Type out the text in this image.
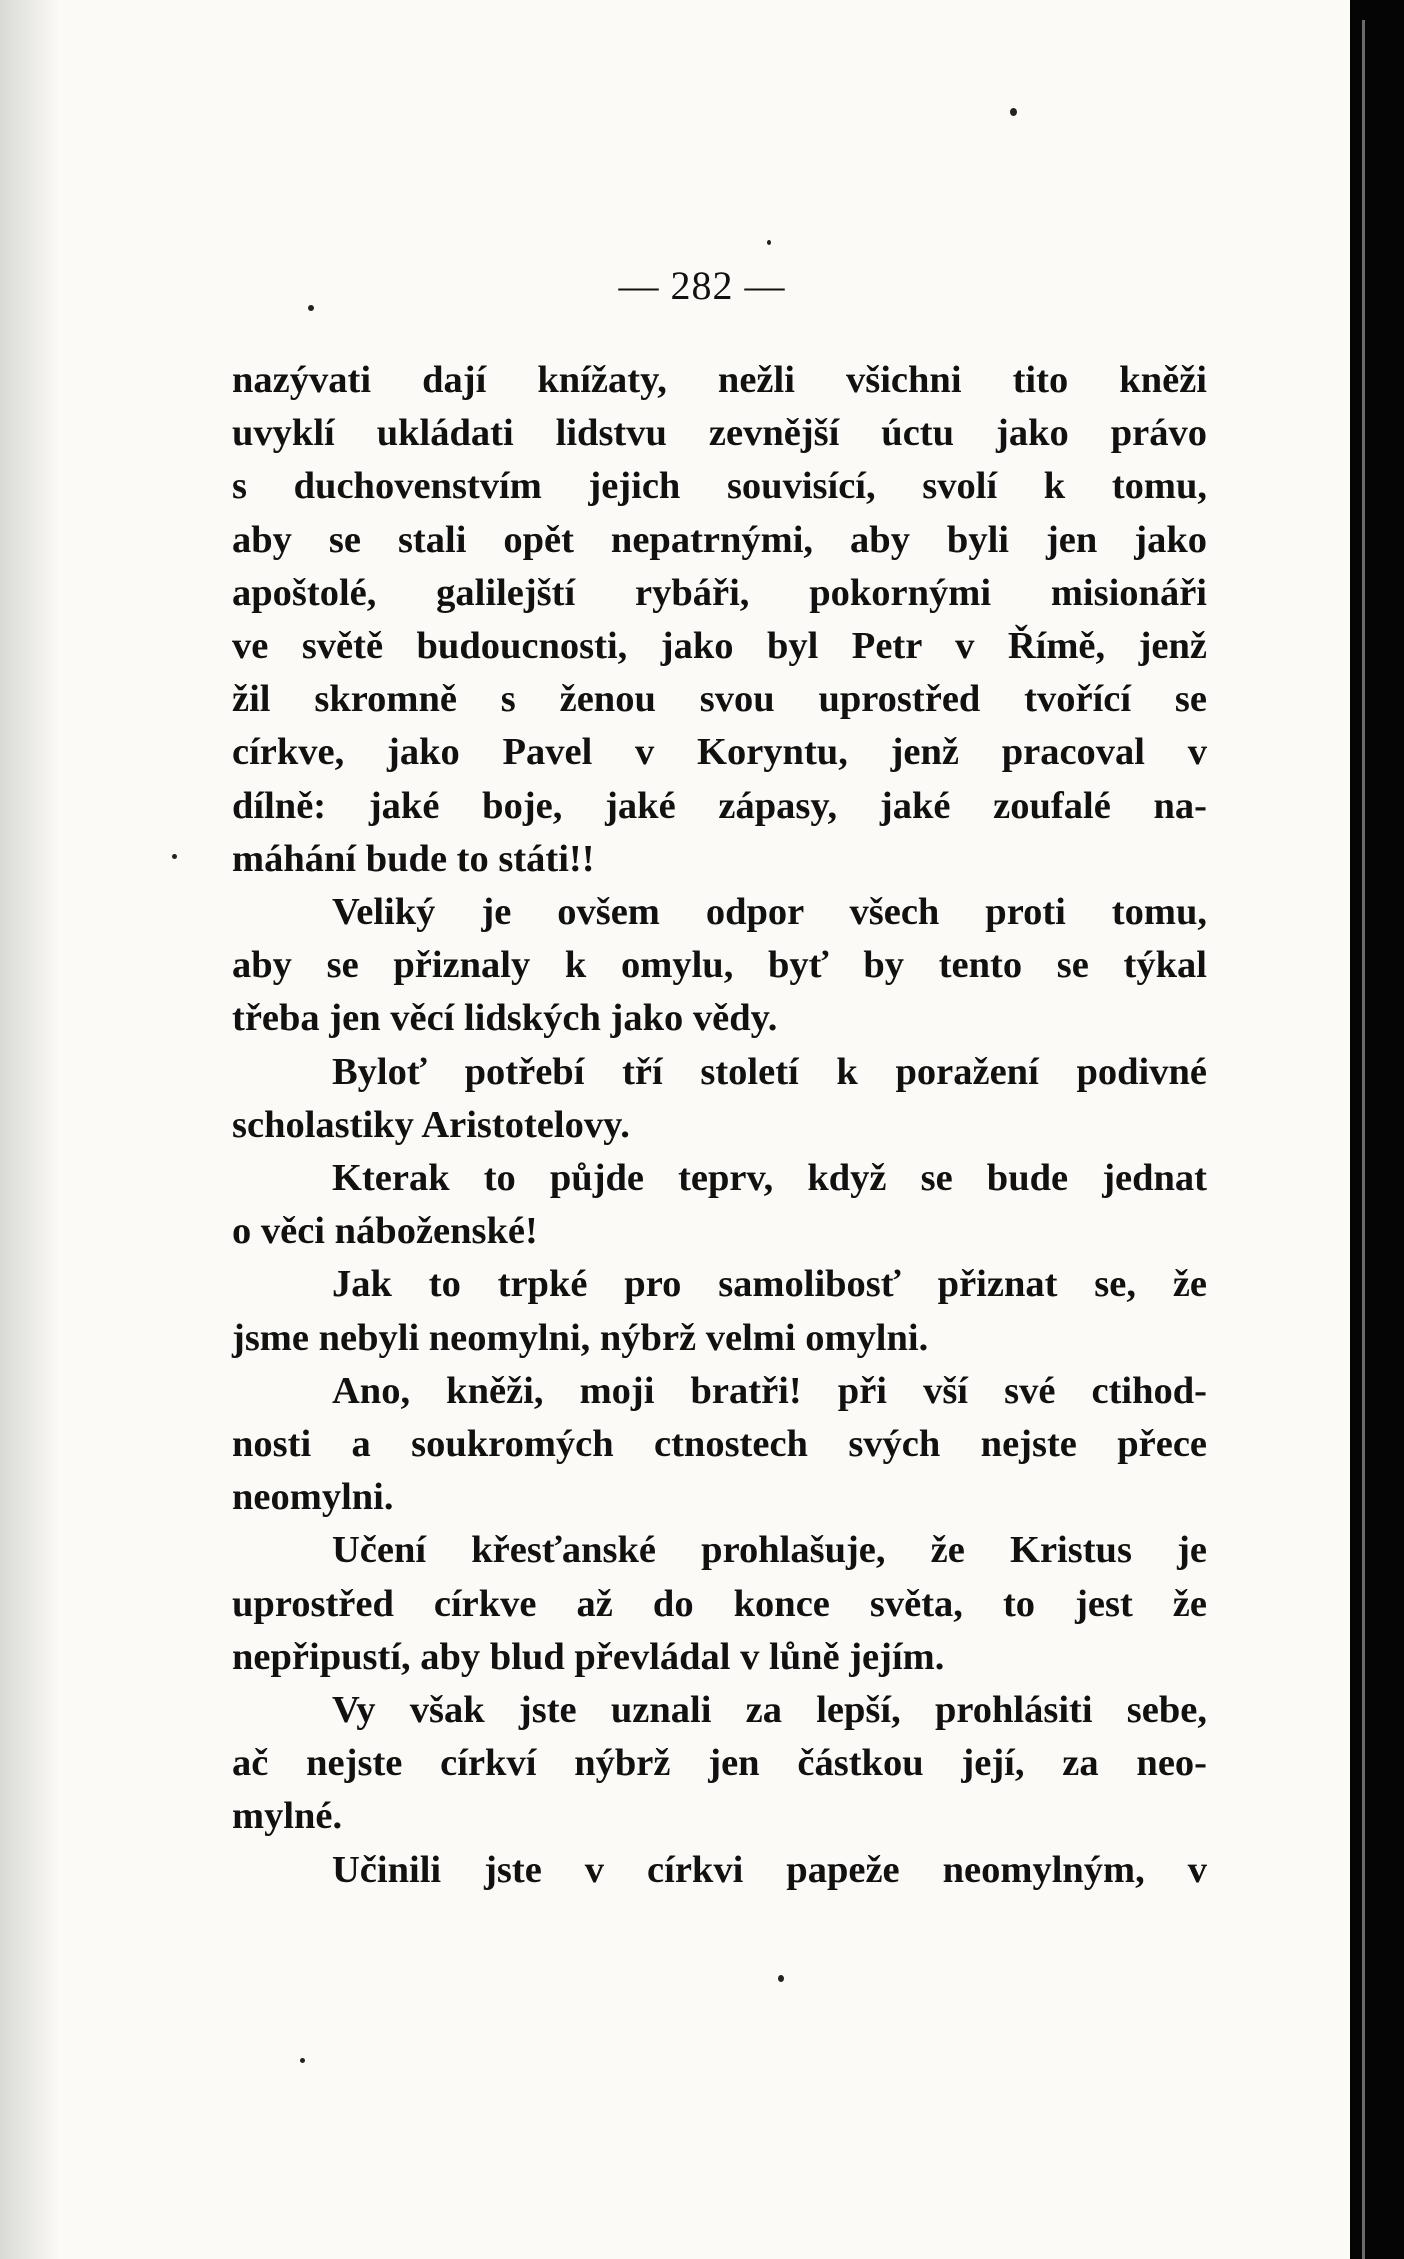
— 282 —
nazývati dají knížaty, nežli všichni tito kněži
uvyklí ukládati lidstvu zevnější úctu jako právo
s duchovenstvím jejich souvisící, svolí k tomu,
aby se stali opět nepatrnými, aby byli jen jako
apoštolé, galilejští rybáři, pokornými misionáři
ve světě budoucnosti, jako byl Petr v Římě, jenž
žil skromně s ženou svou uprostřed tvořící se
církve, jako Pavel v Koryntu, jenž pracoval v
dílně: jaké boje, jaké zápasy, jaké zoufalé na-
máhání bude to státi!!
Veliký je ovšem odpor všech proti tomu,
aby se přiznaly k omylu, byť by tento se týkal
třeba jen věcí lidských jako vědy.
Byloť potřebí tří století k poražení podivné
scholastiky Aristotelovy.
Kterak to půjde teprv, když se bude jednat
o věci náboženské!
Jak to trpké pro samolibosť přiznat se, že
jsme nebyli neomylni, nýbrž velmi omylni.
Ano, kněži, moji bratři! při vší své ctihod-
nosti a soukromých ctnostech svých nejste přece
neomylni.
Učení křesťanské prohlašuje, že Kristus je
uprostřed církve až do konce světa, to jest že
nepřipustí, aby blud převládal v lůně jejím.
Vy však jste uznali za lepší, prohlásiti sebe,
ač nejste církví nýbrž jen částkou její, za neo-
mylné.
Učinili jste v církvi papeže neomylným, v
